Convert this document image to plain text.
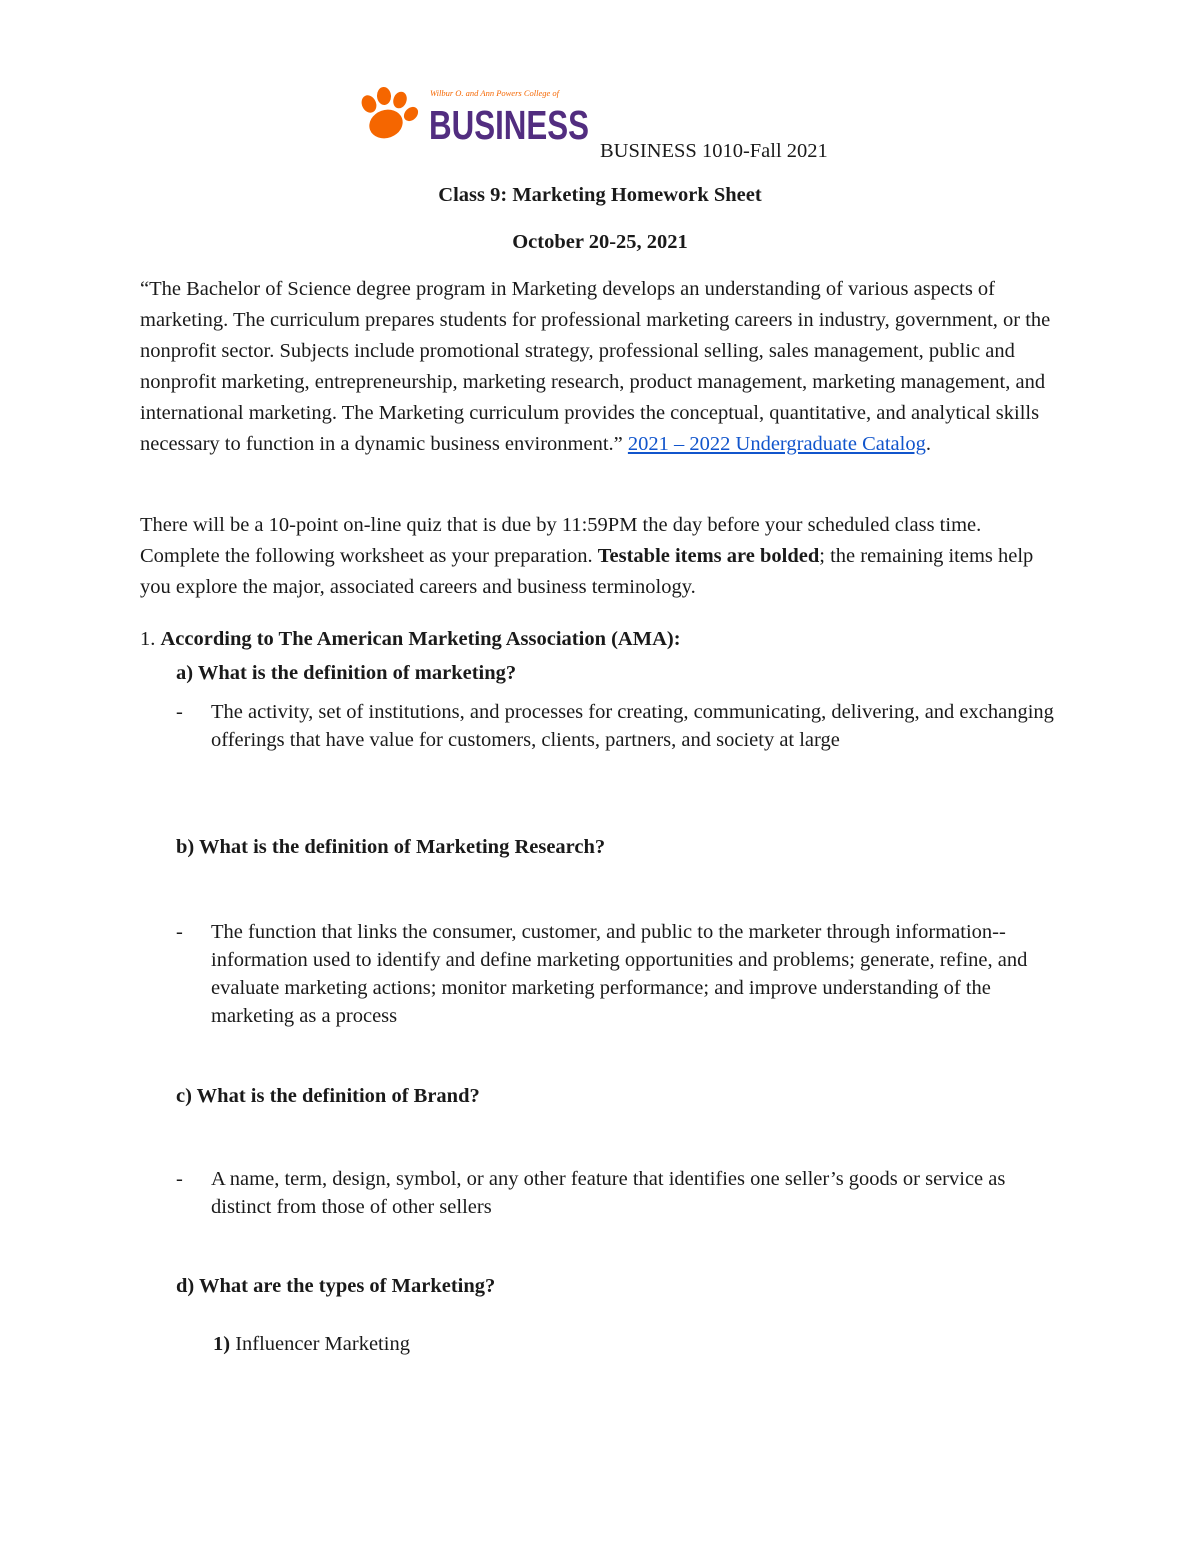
Wilbur O. and Ann Powers College of
BUSINESS
BUSINESS 1010-Fall 2021
Class 9: Marketing Homework Sheet
October 20-25, 2021
“The Bachelor of Science degree program in Marketing develops an understanding of various aspects of marketing. The curriculum prepares students for professional marketing careers in industry, government, or the nonprofit sector. Subjects include promotional strategy, professional selling, sales management, public and nonprofit marketing, entrepreneurship, marketing research, product management, marketing management, and international marketing. The Marketing curriculum provides the conceptual, quantitative, and analytical skills necessary to function in a dynamic business environment.” 2021 – 2022 Undergraduate Catalog.
There will be a 10-point on-line quiz that is due by 11:59PM the day before your scheduled class time. Complete the following worksheet as your preparation. Testable items are bolded; the remaining items help you explore the major, associated careers and business terminology.
1. According to The American Marketing Association (AMA):
a) What is the definition of marketing?
-	The activity, set of institutions, and processes for creating, communicating, delivering, and exchanging offerings that have value for customers, clients, partners, and society at large
b) What is the definition of Marketing Research?
-	The function that links the consumer, customer, and public to the marketer through information-- information used to identify and define marketing opportunities and problems; generate, refine, and evaluate marketing actions; monitor marketing performance; and improve understanding of the marketing as a process
c) What is the definition of Brand?
-	A name, term, design, symbol, or any other feature that identifies one seller’s goods or service as distinct from those of other sellers
d) What are the types of Marketing?
1) Influencer Marketing
